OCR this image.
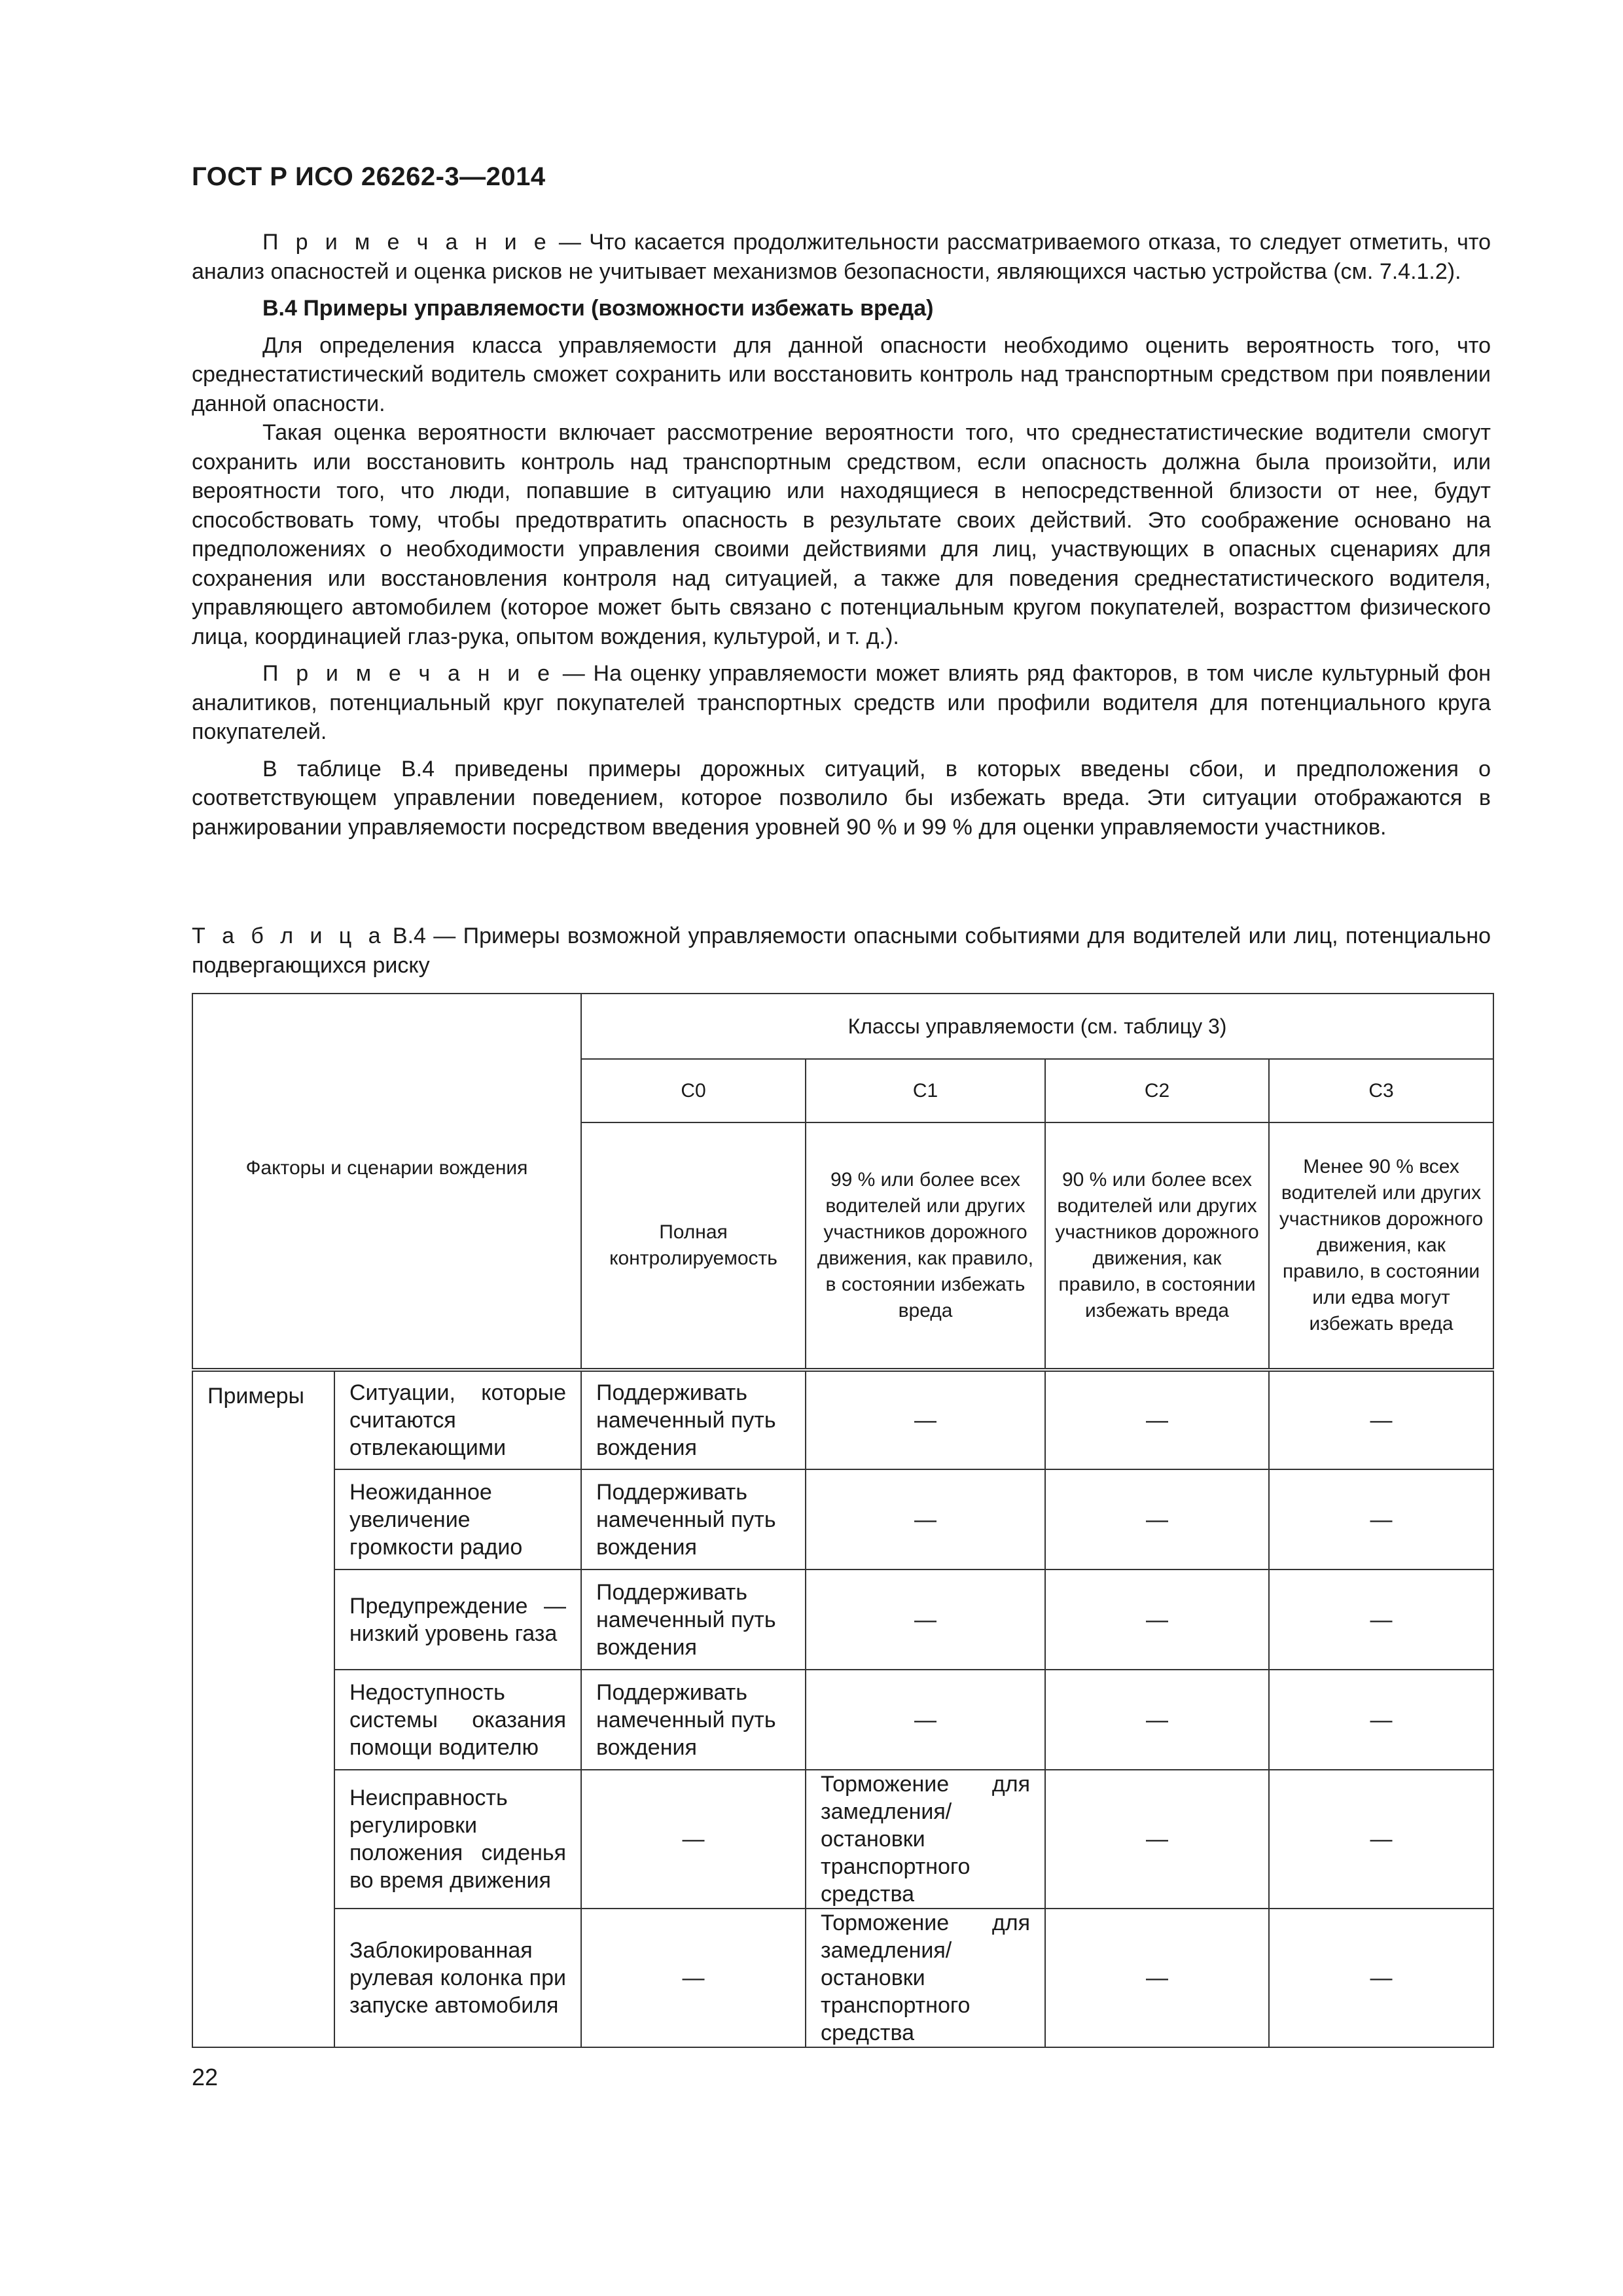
ГОСТ Р ИСО 26262-3—2014

П р и м е ч а н и е — Что касается продолжительности рассматриваемого отказа, то следует отметить, что анализ опасностей и оценка рисков не учитывает механизмов безопасности, являющихся частью устройства (см. 7.4.1.2).

В.4 Примеры управляемости (возможности избежать вреда)

Для определения класса управляемости для данной опасности необходимо оценить вероятность того, что среднестатистический водитель сможет сохранить или восстановить контроль над транспортным средством при появлении данной опасности.

Такая оценка вероятности включает рассмотрение вероятности того, что среднестатистические водители смогут сохранить или восстановить контроль над транспортным средством, если опасность должна была произойти, или вероятности того, что люди, попавшие в ситуацию или находящиеся в непосредственной близости от нее, будут способствовать тому, чтобы предотвратить опасность в результате своих действий. Это соображение основано на предположениях о необходимости управления своими действиями для лиц, участвующих в опасных сценариях для сохранения или восстановления контроля над ситуацией, а также для поведения среднестатистического водителя, управляющего автомобилем (которое может быть связано с потенциальным кругом покупателей, возрасттом физического лица, координацией глаз-рука, опытом вождения, культурой, и т. д.).

П р и м е ч а н и е — На оценку управляемости может влиять ряд факторов, в том числе культурный фон аналитиков, потенциальный круг покупателей транспортных средств или профили водителя для потенциального круга покупателей.

В таблице В.4 приведены примеры дорожных ситуаций, в которых введены сбои, и предположения о соответствующем управлении поведением, которое позволило бы избежать вреда. Эти ситуации отображаются в ранжировании управляемости посредством введения уровней 90 % и 99 % для оценки управляемости участников.

Т а б л и ц а В.4 — Примеры возможной управляемости опасными событиями для водителей или лиц, потенциально подвергающихся риску
Факторы и сценарии вождения		Классы управляемости (см. таблицу 3)			
		C0	C1	C2	C3
		Полная контролируемость	99 % или более всех водителей или других участников дорожного движения, как правило, в состоянии избежать вреда	90 % или более всех водителей или других участников дорожного движения, как правило, в состоянии избежать вреда	Менее 90 % всех водителей или других участников дорожного движения, как правило, в состоянии или едва могут избежать вреда
Примеры	Ситуации, которые считаются отвлекающими	Поддерживать намеченный путь вождения	—	—	—
	Неожиданное увеличение громкости радио	Поддерживать намеченный путь вождения	—	—	—
	Предупреждение — низкий уровень газа	Поддерживать намеченный путь вождения	—	—	—
	Недоступность системы оказания помощи водителю	Поддерживать намеченный путь вождения	—	—	—
	Неисправность регулировки положения сиденья во время движения	—	Торможение для замедления/остановки транспортного средства	—	—
	Заблокированная рулевая колонка при запуске автомобиля	—	Торможение для замедления/остановки транспортного средства	—	—
22
